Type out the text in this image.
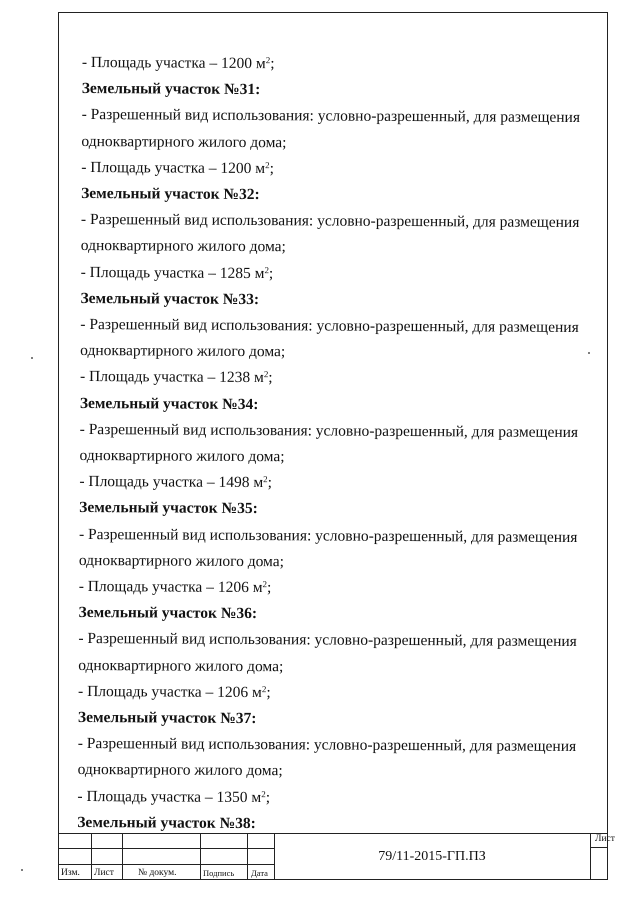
- Площадь участка – 1200 $м^2$;
Земельный участок №31:
- Разрешенный вид использования: условно-разрешенный, для размещения
одноквартирного жилого дома;
- Площадь участка – 1200 $м^2$;
Земельный участок №32:
- Разрешенный вид использования: условно-разрешенный, для размещения
одноквартирного жилого дома;
- Площадь участка – 1285 $м^2$;
Земельный участок №33:
- Разрешенный вид использования: условно-разрешенный, для размещения
одноквартирного жилого дома;
- Площадь участка – 1238 $м^2$;
Земельный участок №34:
- Разрешенный вид использования: условно-разрешенный, для размещения
одноквартирного жилого дома;
- Площадь участка – 1498 $м^2$;
Земельный участок №35:
- Разрешенный вид использования: условно-разрешенный, для размещения
одноквартирного жилого дома;
- Площадь участка – 1206 $м^2$;
Земельный участок №36:
- Разрешенный вид использования: условно-разрешенный, для размещения
одноквартирного жилого дома;
- Площадь участка – 1206 $м^2$;
Земельный участок №37:
- Разрешенный вид использования: условно-разрешенный, для размещения
одноквартирного жилого дома;
- Площадь участка – 1350 $м^2$;
Земельный участок №38:
Изм. Лист	№ докум.	Подпись Дата
79/11-2015-ГП.ПЗ
Лист
